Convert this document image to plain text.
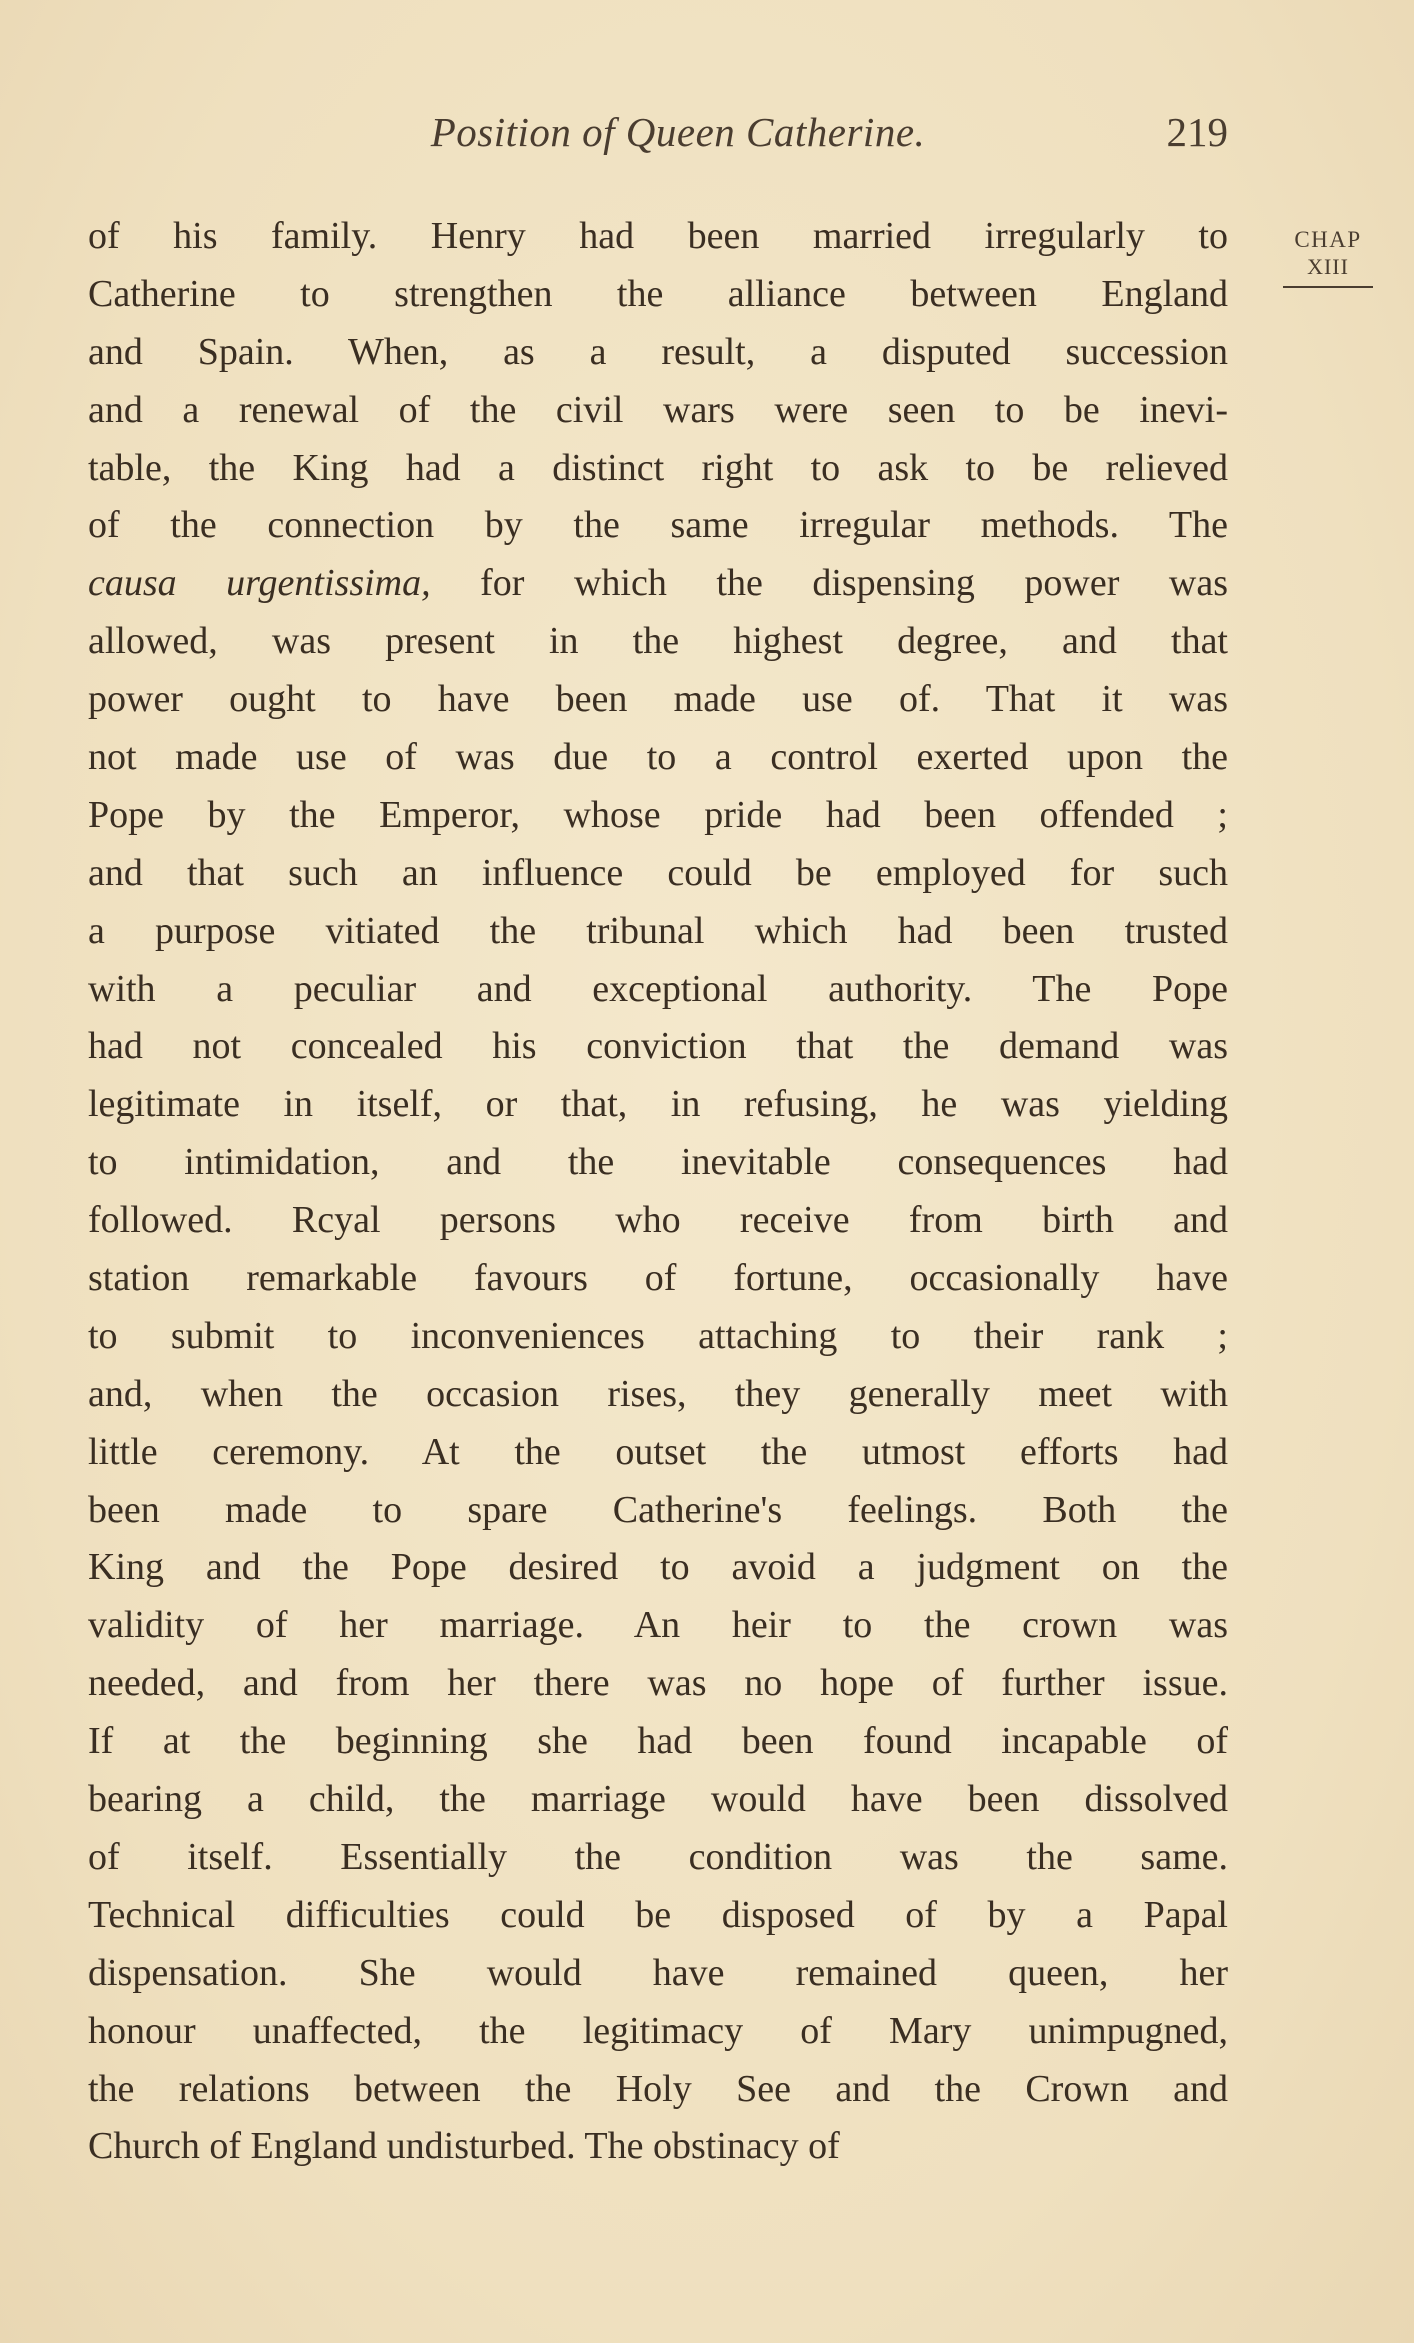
Position of Queen Catherine.	219
CHAP
XIII
of his family. Henry had been married irregularly to
Catherine to strengthen the alliance between England
and Spain. When, as a result, a disputed succession
and a renewal of the civil wars were seen to be inevi-
table, the King had a distinct right to ask to be relieved
of the connection by the same irregular methods. The
causa urgentissima, for which the dispensing power was
allowed, was present in the highest degree, and that
power ought to have been made use of. That it was
not made use of was due to a control exerted upon the
Pope by the Emperor, whose pride had been offended ;
and that such an influence could be employed for such
a purpose vitiated the tribunal which had been trusted
with a peculiar and exceptional authority. The Pope
had not concealed his conviction that the demand was
legitimate in itself, or that, in refusing, he was yielding
to intimidation, and the inevitable consequences had
followed. Rcyal persons who receive from birth and
station remarkable favours of fortune, occasionally have
to submit to inconveniences attaching to their rank ;
and, when the occasion rises, they generally meet with
little ceremony. At the outset the utmost efforts had
been made to spare Catherine's feelings. Both the
King and the Pope desired to avoid a judgment on the
validity of her marriage. An heir to the crown was
needed, and from her there was no hope of further issue.
If at the beginning she had been found incapable of
bearing a child, the marriage would have been dissolved
of itself. Essentially the condition was the same.
Technical difficulties could be disposed of by a Papal
dispensation. She would have remained queen, her
honour unaffected, the legitimacy of Mary unimpugned,
the relations between the Holy See and the Crown and
Church of England undisturbed. The obstinacy of
